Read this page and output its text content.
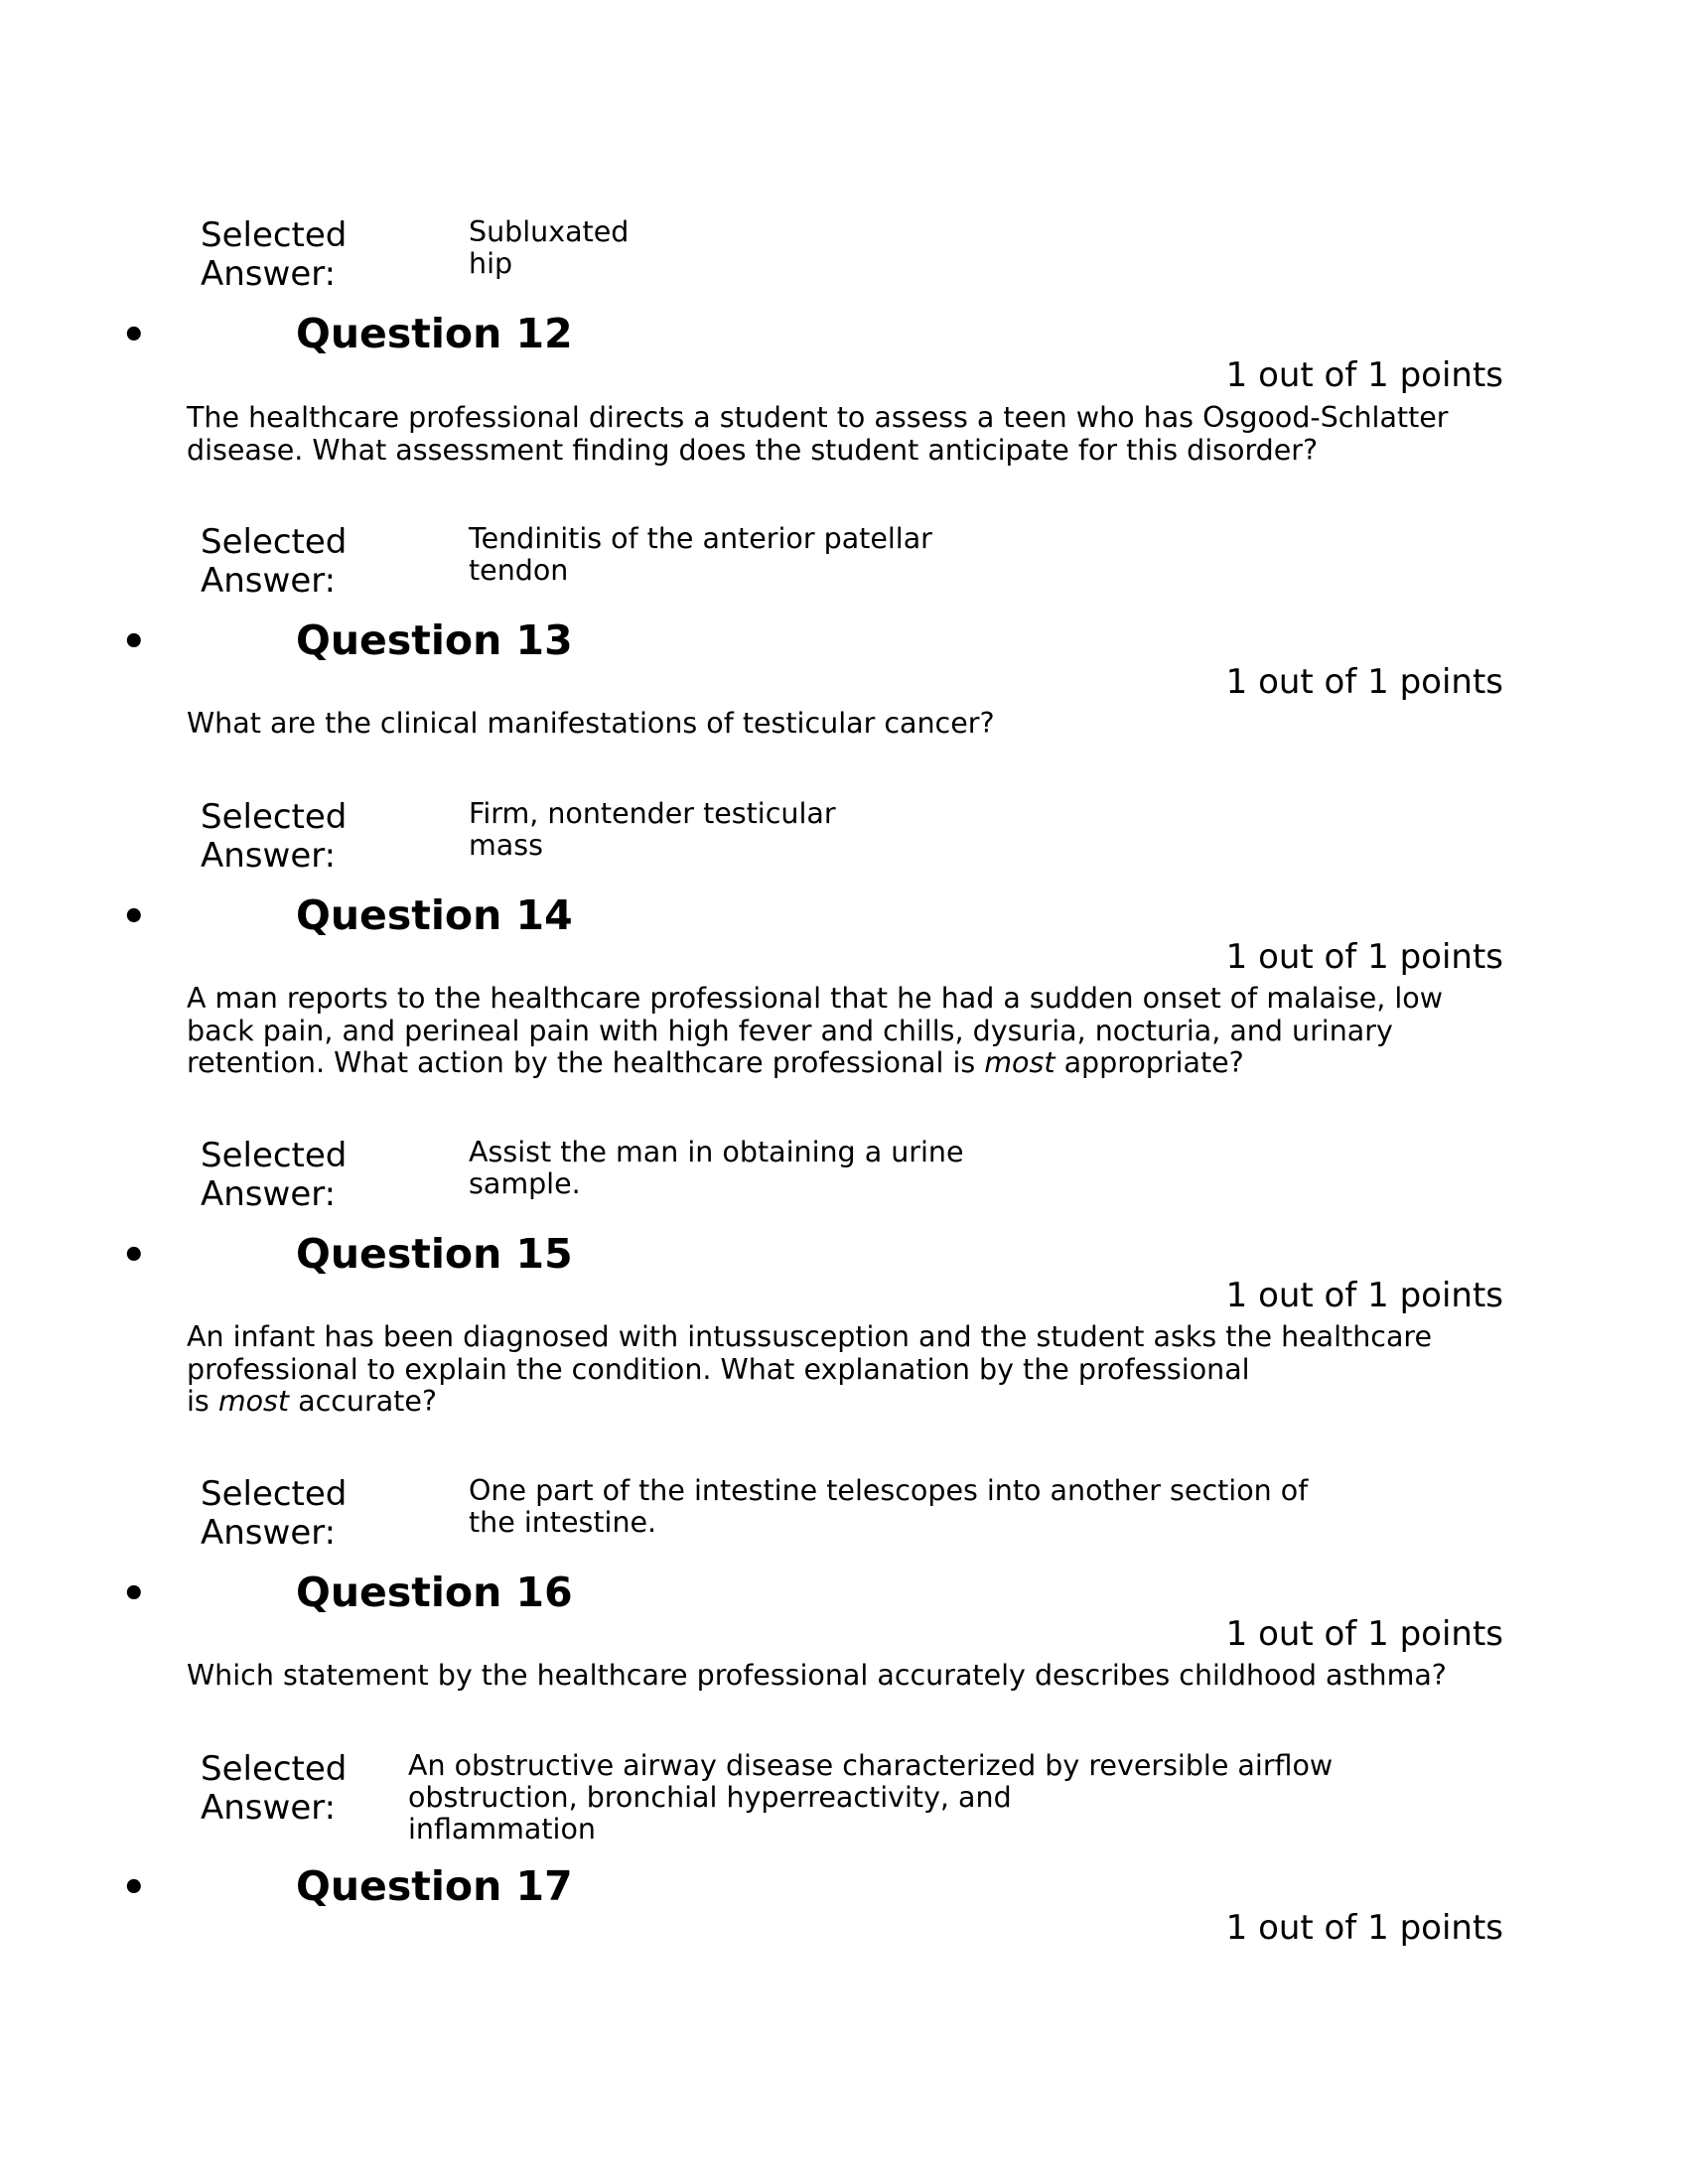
Selected
Answer:
Subluxated
hip
•	Question 12
1 out of 1 points
The healthcare professional directs a student to assess a teen who has Osgood-Schlatter
disease. What assessment finding does the student anticipate for this disorder?
Selected
Answer:
Tendinitis of the anterior patellar
tendon
•	Question 13
1 out of 1 points
What are the clinical manifestations of testicular cancer?
Selected
Answer:
Firm, nontender testicular
mass
•	Question 14
1 out of 1 points
A man reports to the healthcare professional that he had a sudden onset of malaise, low
back pain, and perineal pain with high fever and chills, dysuria, nocturia, and urinary
retention. What action by the healthcare professional is most appropriate?
Selected
Answer:
Assist the man in obtaining a urine
sample.
•	Question 15
1 out of 1 points
An infant has been diagnosed with intussusception and the student asks the healthcare
professional to explain the condition. What explanation by the professional
is most accurate?
Selected
Answer:
One part of the intestine telescopes into another section of
the intestine.
•	Question 16
1 out of 1 points
Which statement by the healthcare professional accurately describes childhood asthma?
Selected
Answer:
An obstructive airway disease characterized by reversible airflow
obstruction, bronchial hyperreactivity, and
inflammation
•	Question 17
1 out of 1 points
